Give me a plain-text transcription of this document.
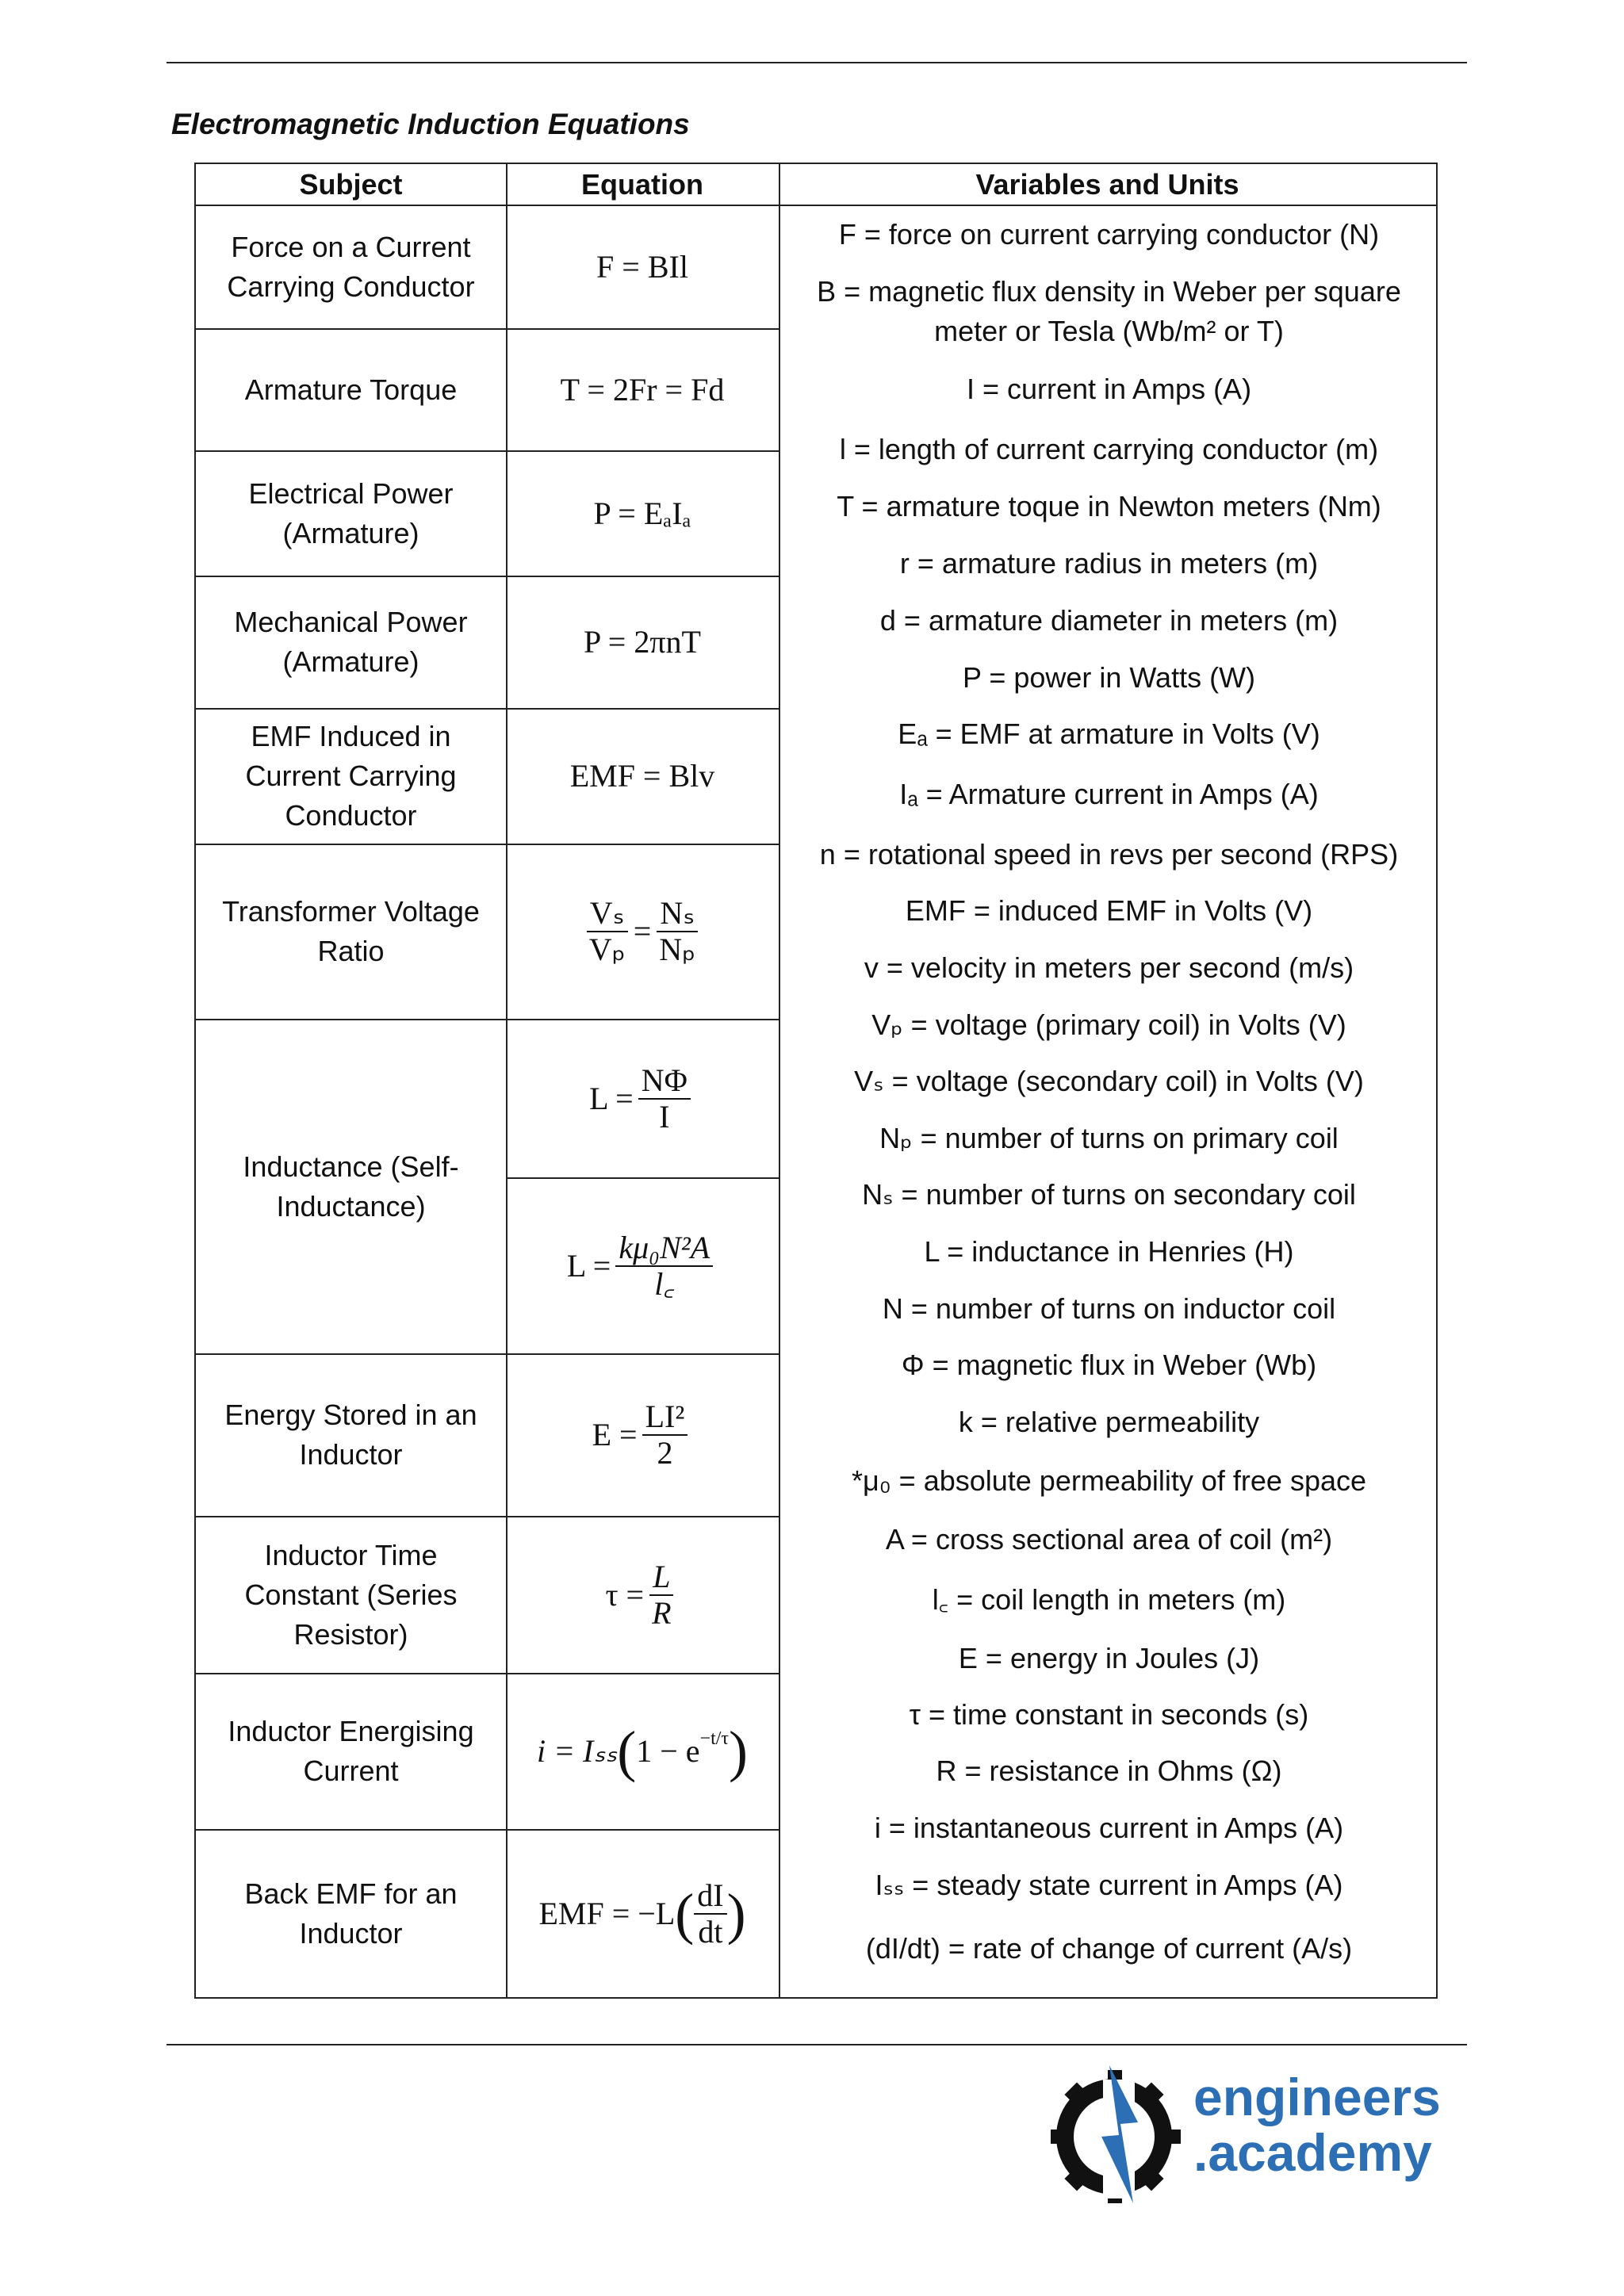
Electromagnetic Induction Equations
Subject	Equation	Variables and Units
Force on a Current Carrying Conductor
Armature Torque
Electrical Power (Armature)
Mechanical Power (Armature)
EMF Induced in Current Carrying Conductor
Transformer Voltage Ratio
Inductance (Self-Inductance)
Energy Stored in an Inductor
Inductor Time Constant (Series Resistor)
Inductor Energising Current
Back EMF for an Inductor
F = BIl
T = 2Fr = Fd
P = EₐIₐ
P = 2πnT
EMF = Blv
$\frac{\text{Vₛ}}{\text{Vₚ}} = \frac{\text{Nₛ}}{\text{Nₚ}}$
$L = \frac{N\Phi}{I}$
$L = \frac{\text{kμ₀N²A}}{l꜀}$
$E = \frac{\text{LI²}}{2}$
$\tau = \frac{L}{R}$
i = Iₛₛ ( $1 - e^{-t/\tau}$ )
EMF = −L ( $\frac{dI}{dt}$ )
F = force on current carrying conductor (N)
B = magnetic flux density in Weber per square meter or Tesla (Wb/m² or T)
I = current in Amps (A)
l = length of current carrying conductor (m)
T = armature toque in Newton meters (Nm)
r = armature radius in meters (m)
d = armature diameter in meters (m)
P = power in Watts (W)
Eₐ = EMF at armature in Volts (V)
Iₐ = Armature current in Amps (A)
n = rotational speed in revs per second (RPS)
EMF = induced EMF in Volts (V)
v = velocity in meters per second (m/s)
Vₚ = voltage (primary coil) in Volts (V)
Vₛ = voltage (secondary coil) in Volts (V)
Nₚ = number of turns on primary coil
Nₛ = number of turns on secondary coil
L = inductance in Henries (H)
N = number of turns on inductor coil
Φ = magnetic flux in Weber (Wb)
k = relative permeability
*μ₀ = absolute permeability of free space
A = cross sectional area of coil (m²)
l꜀ = coil length in meters (m)
E = energy in Joules (J)
τ = time constant in seconds (s)
R = resistance in Ohms (Ω)
i = instantaneous current in Amps (A)
Iₛₛ = steady state current in Amps (A)
(dI/dt) = rate of change of current (A/s)
engineers
.academy
